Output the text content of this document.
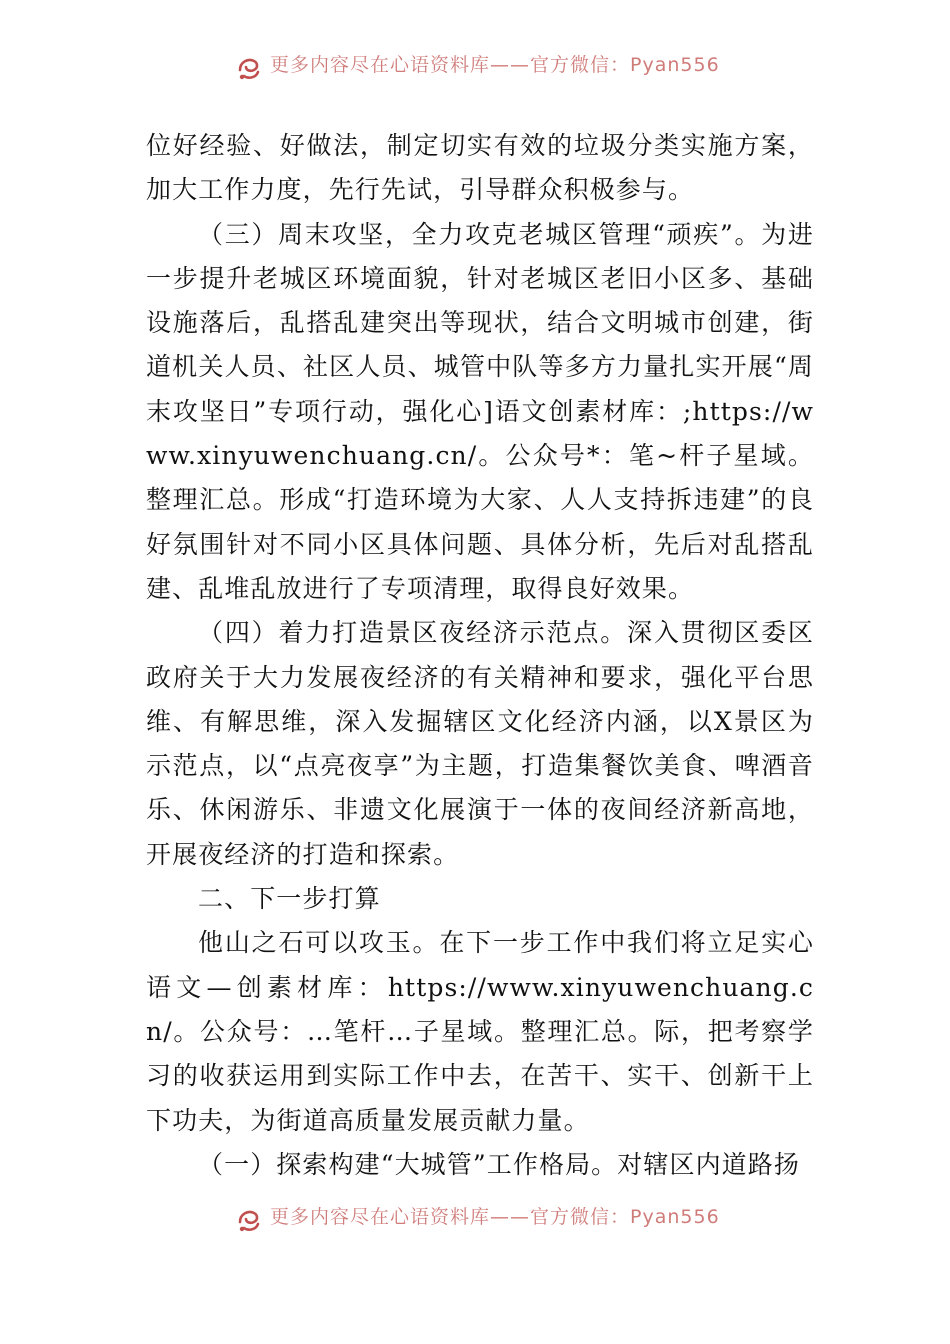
更多内容尽在心语资料库——官方微信：Pyan556

位好经验、好做法，制定切实有效的垃圾分类实施方案，加大工作力度，先行先试，引导群众积极参与。

（三）周末攻坚，全力攻克老城区管理“顽疾”。为进一步提升老城区环境面貌，针对老城区老旧小区多、基础设施落后，乱搭乱建突出等现状，结合文明城市创建，街道机关人员、社区人员、城管中队等多方力量扎实开展“周末攻坚日”专项行动，强化心]语文创素材库：;https://www.xinyuwenchuang.cn/。公众号*：笔~杆子星域。整理汇总。形成“打造环境为大家、人人支持拆违建”的良好氛围针对不同小区具体问题、具体分析，先后对乱搭乱建、乱堆乱放进行了专项清理，取得良好效果。

（四）着力打造景区夜经济示范点。深入贯彻区委区政府关于大力发展夜经济的有关精神和要求，强化平台思维、有解思维，深入发掘辖区文化经济内涵，以X景区为示范点，以“点亮夜享”为主题，打造集餐饮美食、啤酒音乐、休闲游乐、非遗文化展演于一体的夜间经济新高地，开展夜经济的打造和探索。

二、下一步打算

他山之石可以攻玉。在下一步工作中我们将立足实心语文—创素材库：https://www.xinyuwenchuang.cn/。公众号：…笔杆…子星域。整理汇总。际，把考察学习的收获运用到实际工作中去，在苦干、实干、创新干上下功夫，为街道高质量发展贡献力量。

（一）探索构建“大城管”工作格局。对辖区内道路扬

更多内容尽在心语资料库——官方微信：Pyan556
